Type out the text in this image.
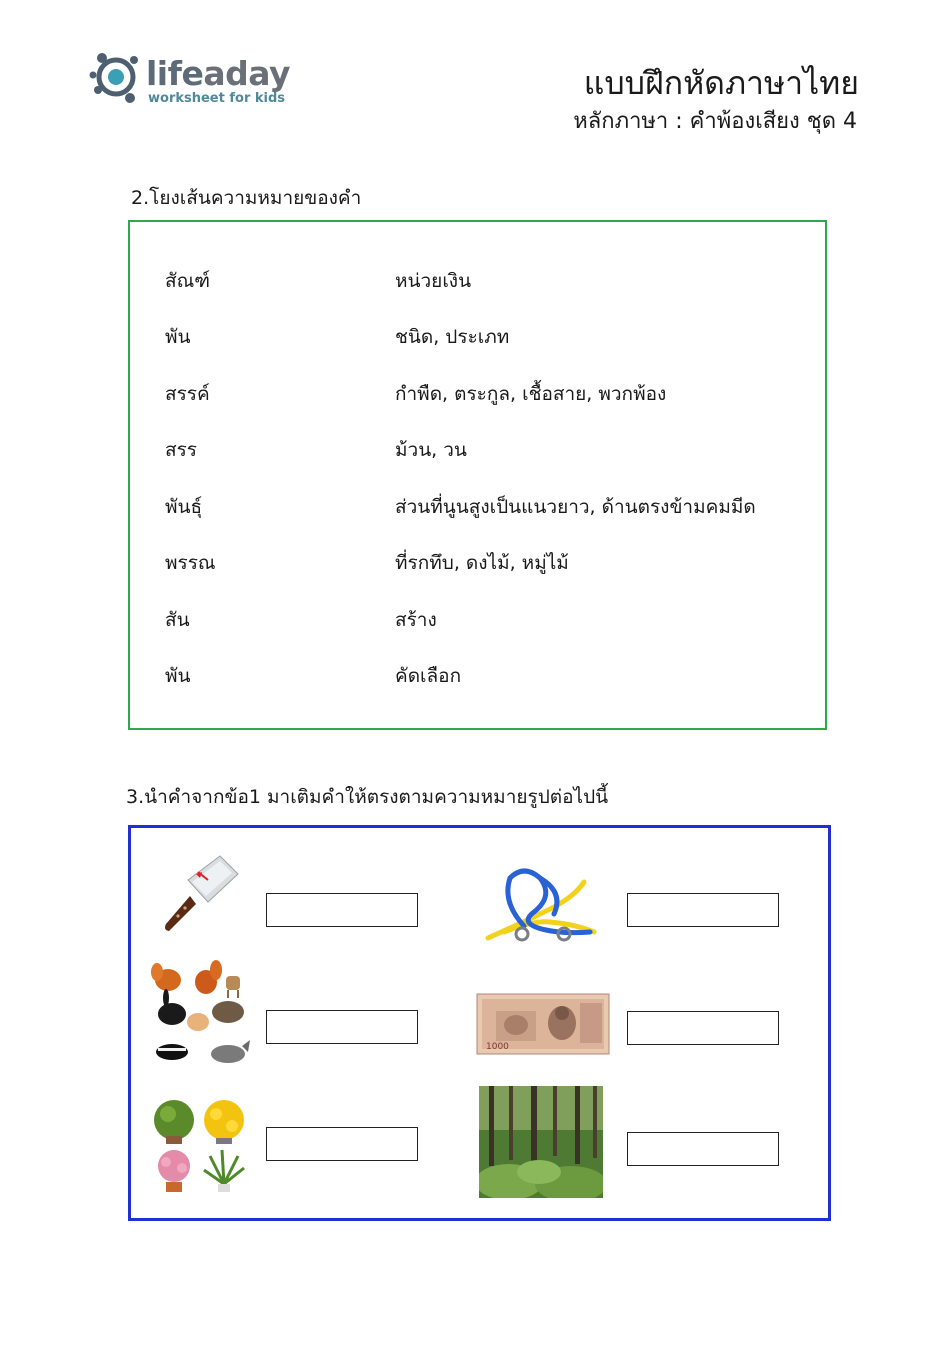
lifeaday
worksheet for kids	แบบฝึกหัดภาษาไทย
หลักภาษา : คำพ้องเสียง ชุด 4
2.โยงเส้นความหมายของคำ
สัณฑ์	หน่วยเงิน
พัน	ชนิด, ประเภท
สรรค์	กำพืด, ตระกูล, เชื้อสาย, พวกพ้อง
สรร	ม้วน, วน
พันธุ์	ส่วนที่นูนสูงเป็นแนวยาว, ด้านตรงข้ามคมมีด
พรรณ	ที่รกทึบ, ดงไม้, หมู่ไม้
สัน	สร้าง
พัน	คัดเลือก
3.นำคำจากข้อ1 มาเติมคำให้ตรงตามความหมายรูปต่อไปนี้
1000
